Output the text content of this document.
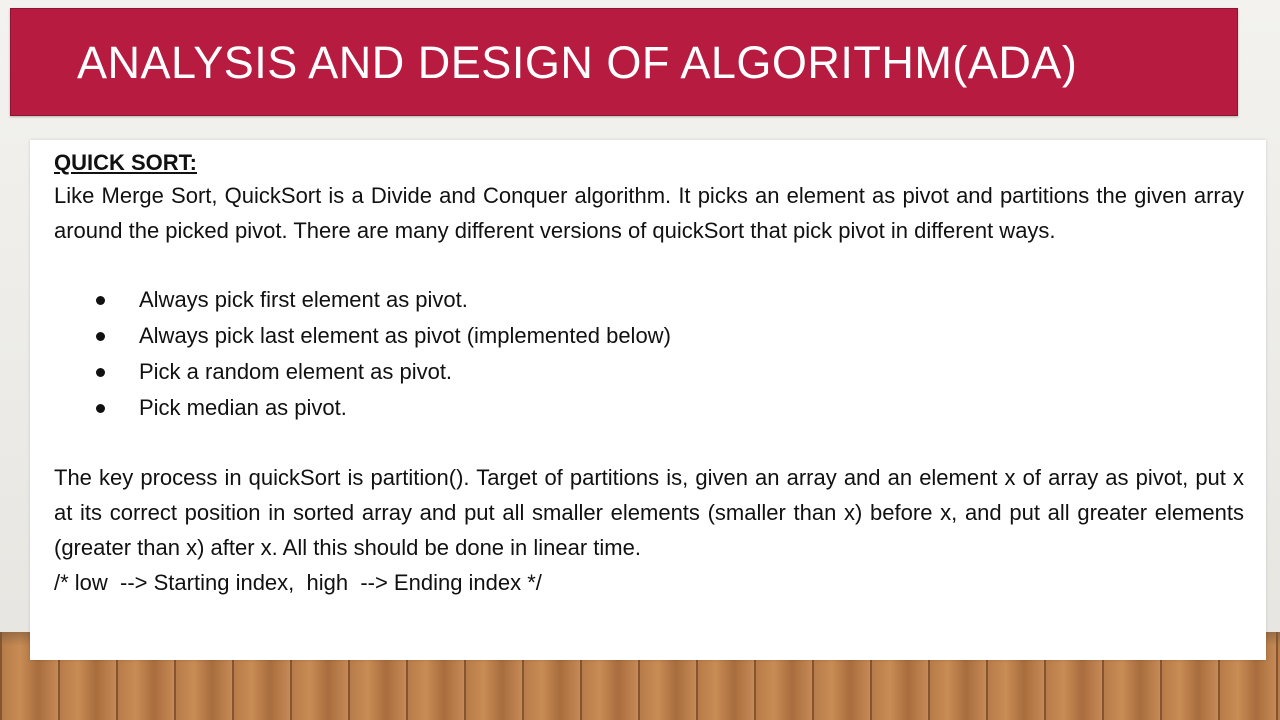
ANALYSIS AND DESIGN OF ALGORITHM(ADA)
QUICK SORT:

Like Merge Sort, QuickSort is a Divide and Conquer algorithm. It picks an element as pivot and partitions the given array around the picked pivot. There are many different versions of quickSort that pick pivot in different ways.

Always pick first element as pivot.
Always pick last element as pivot (implemented below)
Pick a random element as pivot.
Pick median as pivot.

The key process in quickSort is partition(). Target of partitions is, given an array and an element x of array as pivot, put x at its correct position in sorted array and put all smaller elements (smaller than x) before x, and put all greater elements (greater than x) after x. All this should be done in linear time.

/* low  --> Starting index,  high  --> Ending index */
